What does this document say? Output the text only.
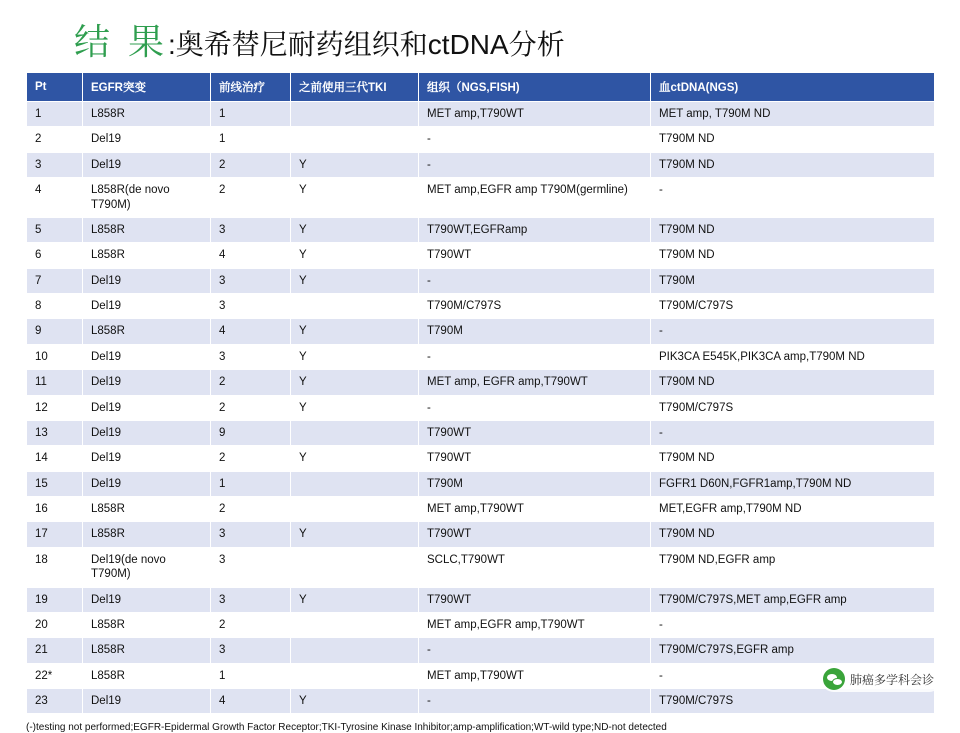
结 果 :奥希替尼耐药组织和ctDNA分析
Pt	EGFR突变	前线治疗	之前使用三代TKI	组织（NGS,FISH)	血ctDNA(NGS)
1	L858R	1		MET amp,T790WT	MET amp, T790M ND
2	Del19	1		-	T790M ND
3	Del19	2	Y	-	T790M ND
4	L858R(de novo T790M)	2	Y	MET amp,EGFR amp T790M(germline)	-
5	L858R	3	Y	T790WT,EGFRamp	T790M ND
6	L858R	4	Y	T790WT	T790M ND
7	Del19	3	Y	-	T790M
8	Del19	3		T790M/C797S	T790M/C797S
9	L858R	4	Y	T790M	-
10	Del19	3	Y	-	PIK3CA E545K,PIK3CA amp,T790M ND
11	Del19	2	Y	MET amp, EGFR amp,T790WT	T790M ND
12	Del19	2	Y	-	T790M/C797S
13	Del19	9		T790WT	-
14	Del19	2	Y	T790WT	T790M ND
15	Del19	1		T790M	FGFR1 D60N,FGFR1amp,T790M ND
16	L858R	2		MET amp,T790WT	MET,EGFR amp,T790M ND
17	L858R	3	Y	T790WT	T790M ND
18	Del19(de novo T790M)	3		SCLC,T790WT	T790M ND,EGFR amp
19	Del19	3	Y	T790WT	T790M/C797S,MET amp,EGFR amp
20	L858R	2		MET amp,EGFR amp,T790WT	-
21	L858R	3		-	T790M/C797S,EGFR amp
22*	L858R	1		MET amp,T790WT	-
23	Del19	4	Y	-	T790M/C797S
(-)testing not performed;EGFR-Epidermal Growth Factor Receptor;TKI-Tyrosine Kinase Inhibitor;amp-amplification;WT-wild type;ND-not detected
肺癌多学科会诊
